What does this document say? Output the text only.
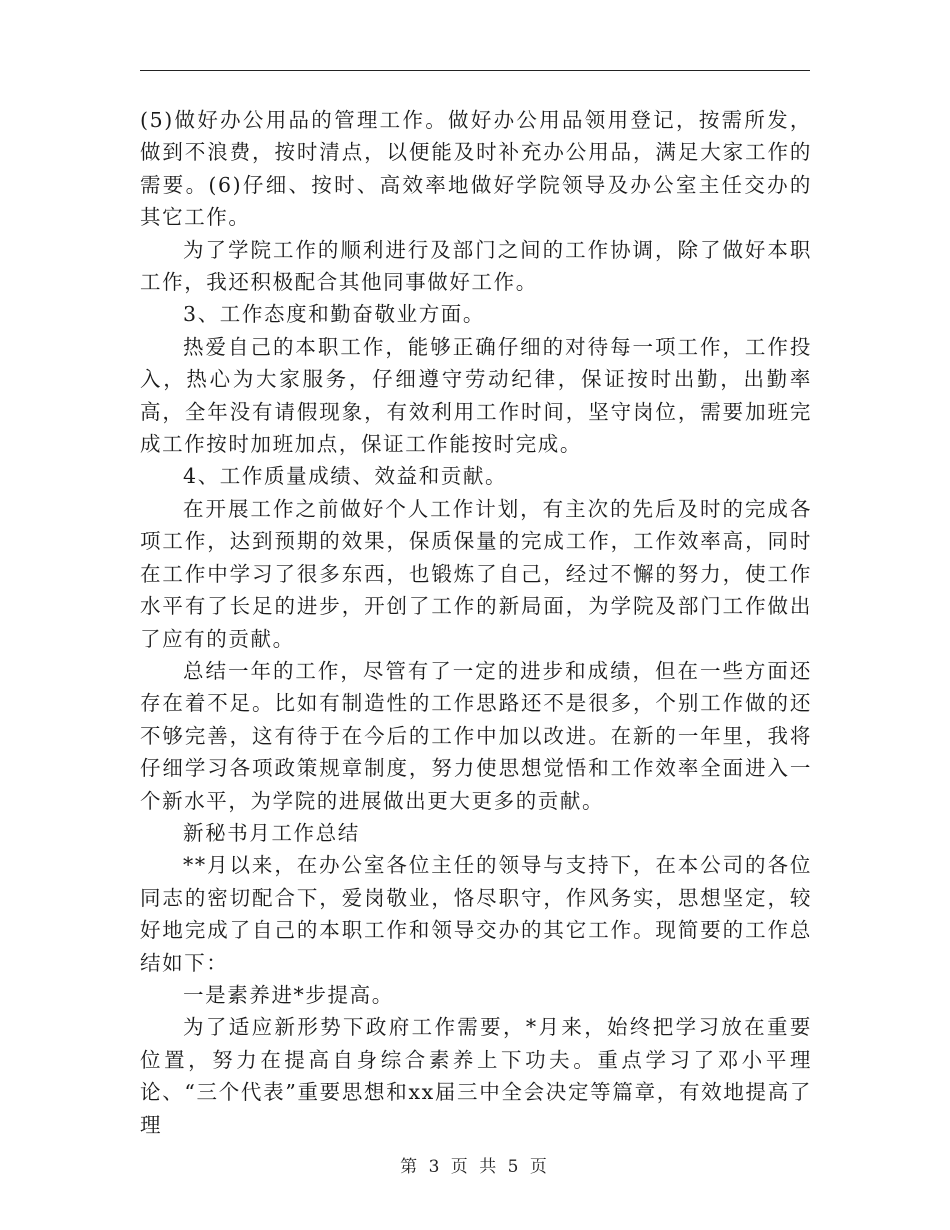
(5)做好办公用品的管理工作。做好办公用品领用登记，按需所发，做到不浪费，按时清点，以便能及时补充办公用品，满足大家工作的需要。(6)仔细、按时、高效率地做好学院领导及办公室主任交办的其它工作。

为了学院工作的顺利进行及部门之间的工作协调，除了做好本职工作，我还积极配合其他同事做好工作。

3、工作态度和勤奋敬业方面。

热爱自己的本职工作，能够正确仔细的对待每一项工作，工作投入，热心为大家服务，仔细遵守劳动纪律，保证按时出勤，出勤率高，全年没有请假现象，有效利用工作时间，坚守岗位，需要加班完成工作按时加班加点，保证工作能按时完成。

4、工作质量成绩、效益和贡献。

在开展工作之前做好个人工作计划，有主次的先后及时的完成各项工作，达到预期的效果，保质保量的完成工作，工作效率高，同时在工作中学习了很多东西，也锻炼了自己，经过不懈的努力，使工作水平有了长足的进步，开创了工作的新局面，为学院及部门工作做出了应有的贡献。

总结一年的工作，尽管有了一定的进步和成绩，但在一些方面还存在着不足。比如有制造性的工作思路还不是很多，个别工作做的还不够完善，这有待于在今后的工作中加以改进。在新的一年里，我将仔细学习各项政策规章制度，努力使思想觉悟和工作效率全面进入一个新水平，为学院的进展做出更大更多的贡献。

新秘书月工作总结

**月以来，在办公室各位主任的领导与支持下，在本公司的各位同志的密切配合下，爱岗敬业，恪尽职守，作风务实，思想坚定，较好地完成了自己的本职工作和领导交办的其它工作。现简要的工作总结如下：

一是素养进*步提高。

为了适应新形势下政府工作需要，*月来，始终把学习放在重要位置，努力在提高自身综合素养上下功夫。重点学习了邓小平理论、“三个代表”重要思想和xx届三中全会决定等篇章，有效地提高了理

第 3 页 共 5 页
